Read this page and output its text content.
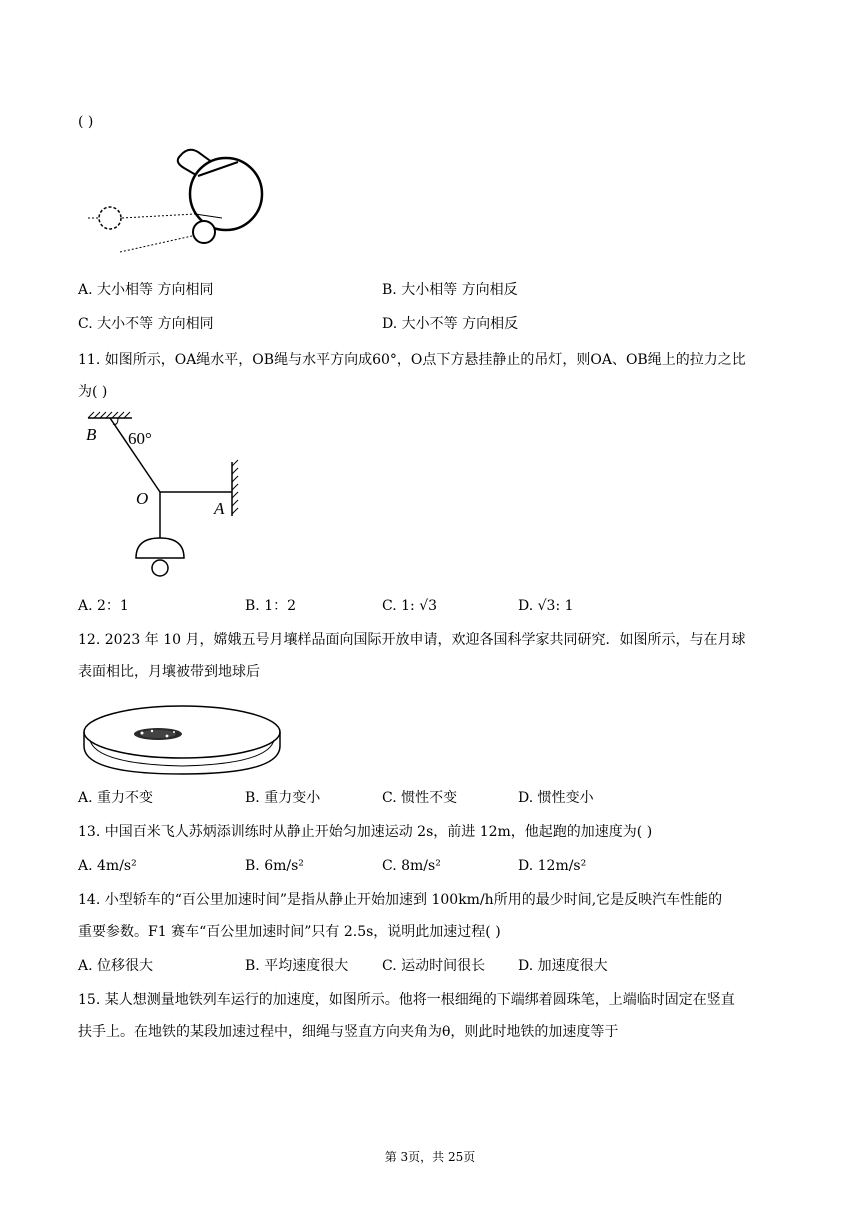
( )
A. 大小相等 方向相同	B. 大小相等 方向相反
C. 大小不等 方向相同	D. 大小不等 方向相反
11. 如图所示，OA绳水平，OB绳与水平方向成60°，O点下方悬挂静止的吊灯，则OA、OB绳上的拉力之比
为( )
B 60°
O
A
A. 2：1	B. 1：2	C. 1: √3	D. √3: 1
12. 2023 年 10 月，嫦娥五号月壤样品面向国际开放申请，欢迎各国科学家共同研究．如图所示，与在月球
表面相比，月壤被带到地球后
A. 重力不变	B. 重力变小	C. 惯性不变	D. 惯性变小
13. 中国百米飞人苏炳添训练时从静止开始匀加速运动 2s，前进 12m，他起跑的加速度为( )
A. 4m/s²	B. 6m/s²	C. 8m/s²	D. 12m/s²
14. 小型轿车的“百公里加速时间”是指从静止开始加速到 100km/h所用的最少时间,它是反映汽车性能的
重要参数。F1 赛车“百公里加速时间”只有 2.5s，说明此加速过程( )
A. 位移很大	B. 平均速度很大 C. 运动时间很长 D. 加速度很大
15. 某人想测量地铁列车运行的加速度，如图所示。他将一根细绳的下端绑着圆珠笔，上端临时固定在竖直
扶手上。在地铁的某段加速过程中，细绳与竖直方向夹角为θ，则此时地铁的加速度等于
第 3页，共 25页
